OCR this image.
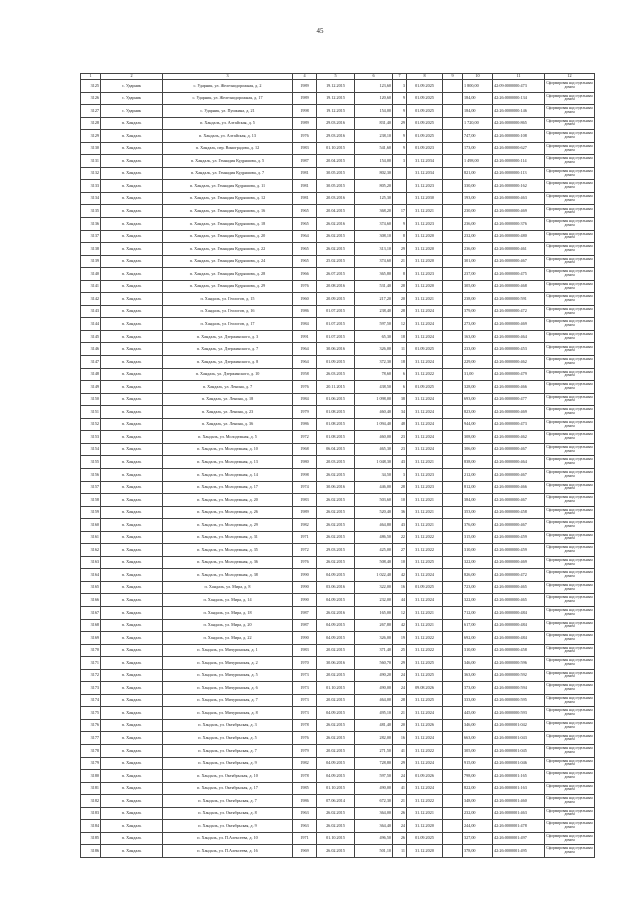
45
1	2	3	4	5	6	7	8	9	10	11	12
3125	с. Ударник	с. Ударник, ул. Железнодорожная, д. 2	1989	19.12.2015	123,60	3	01.09.2025		1 800,00	42:09:0000000:473	Сформирован над отдельным домом
3126	с. Ударник	с. Ударник, ул. Железнодорожная, д. 17	1989	19.12.2015	120,60	9	01.09.2025		184,00	42:26:0000000:134	Сформирован над отдельным домом
3127	с. Ударник	с. Ударник, ул. Пушкина, д. 21	1998	19.12.2015	154,00	9	01.09.2025		184,00	42:26:0000000:146	Сформирован над отдельным домом
3128	п. Хандаль	п. Хандаль, ул. Алтайская, д. 5	1989	29.03.2016	831,40	29	01.09.2025		1 720,00	42:26:0000000:865	Сформирован над отдельным домом
3129	п. Хандаль	п. Хандаль, ул. Алтайская, д. 13	1976	29.03.2016	238,10	9	01.09.2025		747,00	42:26:0000000:108	Сформирован над отдельным домом
3130	п. Хандаль	п. Хандаль, пер. Виноградова, д. 12	1983	01.10.2015	541,60	9	01.09.2023		173,00	42:26:0000000:627	Сформирован над отдельным домом
3131	п. Хандаль	п. Хандаль, ул. Геннадия Кудряшова, д. 5	1987	20.04.2015	154,00	3	31.12.2034		1 498,00	42:26:0000000:114	Сформирован над отдельным домом
3132	п. Хандаль	п. Хандаль, ул. Геннадия Кудряшова, д. 7	1981	30.05.2015	802,30		31.12.2034		821,00	42:26:0000000:113	Сформирован над отдельным домом
3133	п. Хандаль	п. Хандаль, ул. Геннадия Кудряшова, д. 11	1981	30.05.2015	805,20		31.12.2023		330,00	42:26:0000000:162	Сформирован над отдельным домом
3134	п. Хандаль	п. Хандаль, ул. Геннадия Кудряшова, д. 12	1981	20.03.2016	125,30		31.12.2030		193,00	42:26:0000000:463	Сформирован над отдельным домом
3135	п. Хандаль	п. Хандаль, ул. Геннадия Кудряшова, д. 16	1965	20.04.2015	368,20	17	31.12.2021		230,00	42:26:0000000:469	Сформирован над отдельным домом
3136	п. Хандаль	п. Хандаль, ул. Геннадия Кудряшова, д. 18	1965	26.02.2016	374,60	9	31.12.2023		236,00	42:26:0000000:376	Сформирован над отдельным домом
3137	п. Хандаль	п. Хандаль, ул. Геннадия Кудряшова, д. 20	1964	26.02.2015	308,10	8	31.12.2020		232,00	42:26:0000000:480	Сформирован над отдельным домом
3138	п. Хандаль	п. Хандаль, ул. Геннадия Кудряшова, д. 22	1965	26.02.2015	313,10	29	31.12.2020		236,00	42:26:0000000:461	Сформирован над отдельным домом
3139	п. Хандаль	п. Хандаль, ул. Геннадия Кудряшова, д. 24	1965	25.02.2015	374,60	21	31.12.2020		301,00	42:26:0000000:467	Сформирован над отдельным домом
3140	п. Хандаль	п. Хандаль, ул. Геннадия Кудряшова, д. 28	1966	26.07.2015	365,80	8	31.12.2023		237,00	42:26:0000000:475	Сформирован над отдельным домом
3141	п. Хандаль	п. Хандаль, ул. Геннадия Кудряшова, д. 29	1976	20.08.2016	531,40	28	31.12.2020		305,00	42:26:0000000:468	Сформирован над отдельным домом
3142	п. Хандаль	п. Хандаль, ул. Геологов, д. 15	1960	20.09.2015	217,20	20	31.12.2021		238,00	42:26:0000000:591	Сформирован над отдельным домом
3143	п. Хандаль	п. Хандаль, ул. Геологов, д. 16	1986	01.07.2015	238,40	28	31.12.2024		379,00	42:26:0000000:472	Сформирован над отдельным домом
3144	п. Хандаль	п. Хандаль, ул. Геологов, д. 17	1984	01.07.2015	597,50	12	31.12.2024		273,00	42:26:0000000:469	Сформирован над отдельным домом
3145	п. Хандаль	п. Хандаль, ул. Дзержинского, д. 3	1991	01.07.2015	65,30	18	31.12.2024		163,00	42:26:0000000:464	Сформирован над отдельным домом
3146	п. Хандаль	п. Хандаль, ул. Дзержинского, д. 7	1964	30.06.2016	326,00	11	01.09.2025		233,00	42:26:0000000:453	Сформирован над отдельным домом
3147	п. Хандаль	п. Хандаль, ул. Дзержинского, д. 8	1964	01.09.2015	372,30	18	31.12.2024		229,00	42:26:0000000:462	Сформирован над отдельным домом
3148	п. Хандаль	п. Хандаль, ул. Дзержинского, д. 10	1958	26.03.2015	78,60	6	31.12.2022		31,00	42:26:0000000:479	Сформирован над отдельным домом
3149	п. Хандаль	п. Хандаль, ул. Ленина, д. 7	1976	20.11.2015	438,50	6	01.09.2025		328,00	42:26:0000000:466	Сформирован над отдельным домом
3150	п. Хандаль	п. Хандаль, ул. Ленина, д. 18	1984	01.06.2015	1 098,00	38	31.12.2024		693,00	42:26:0000000:477	Сформирован над отдельным домом
3151	п. Хандаль	п. Хандаль, ул. Ленина, д. 23	1979	01.08.2015	460,40	34	31.12.2024		823,00	42:26:0000000:469	Сформирован над отдельным домом
3152	п. Хандаль	п. Хандаль, ул. Ленина, д. 36	1986	01.08.2015	1 094,40	48	31.12.2024		944,00	42:26:0000000:473	Сформирован над отдельным домом
3153	п. Хандаль	п. Хандаль, ул. Молодежная, д. 5	1972	01.08.2015	460,00	23	31.12.2024		308,00	42:26:0000000:462	Сформирован над отдельным домом
3154	п. Хандаль	п. Хандаль, ул. Молодежная, д. 10	1968	06.04.2015	465,30	23	31.12.2024		306,00	42:26:0000000:467	Сформирован над отдельным домом
3155	п. Хандаль	п. Хандаль, ул. Молодежная, д. 13	1980	20.03.2015	1 048,30	43	31.12.2021		838,00	42:26:0000000:464	Сформирован над отдельным домом
3156	п. Хандаль	п. Хандаль, ул. Молодежная, д. 14	1998	26.02.2015	34,50	3	31.12.2023		212,00	42:26:0000000:467	Сформирован над отдельным домом
3157	п. Хандаль	п. Хандаль, ул. Молодежная, д. 17	1974	30.06.2016	446,00	28	31.12.2023		812,00	42:26:0000000:466	Сформирован над отдельным домом
3158	п. Хандаль	п. Хандаль, ул. Молодежная, д. 20	1983	26.02.2015	503,60	10	31.12.2021		384,00	42:26:0000000:467	Сформирован над отдельным домом
3159	п. Хандаль	п. Хандаль, ул. Молодежная, д. 26	1989	26.02.2015	520,40	36	31.12.2021		353,00	42:26:0000000:458	Сформирован над отдельным домом
3160	п. Хандаль	п. Хандаль, ул. Молодежная, д. 29	1982	26.02.2015	464,80	43	31.12.2021		376,00	42:26:0000000:467	Сформирован над отдельным домом
3161	п. Хандаль	п. Хандаль, ул. Молодежная, д. 31	1971	26.02.2015	486,50	22	31.12.2022		315,00	42:26:0000000:459	Сформирован над отдельным домом
3162	п. Хандаль	п. Хандаль, ул. Молодежная, д. 35	1972	29.03.2015	425,00	27	31.12.2022		310,00	42:26:0000000:459	Сформирован над отдельным домом
3163	п. Хандаль	п. Хандаль, ул. Молодежная, д. 36	1976	26.02.2015	508,40	10	31.12.2025		322,00	42:26:0000000:469	Сформирован над отдельным домом
3164	п. Хандаль	п. Хандаль, ул. Молодежная, д. 38	1990	04.09.2015	1 022,40	42	31.12.2024		826,00	42:26:0000000:472	Сформирован над отдельным домом
3165	п. Хандаль	п. Хандаль, ул. Мира, д. 8	1990	03.06.2016	322,00	16	01.09.2025		723,00	42:26:0000000:465	Сформирован над отдельным домом
3166	п. Хандаль	п. Хандаль, ул. Мира, д. 14	1990	04.09.2015	232,00	44	31.12.2024		322,00	42:26:0000000:465	Сформирован над отдельным домом
3167	п. Хандаль	п. Хандаль, ул. Мира, д. 18	1987	26.02.2016	165,00	12	31.12.2021		712,00	42:26:0000000:484	Сформирован над отдельным домом
3168	п. Хандаль	п. Хандаль, ул. Мира, д. 20	1987	04.09.2015	267,80	42	31.12.2021		617,00	42:26:0000000:484	Сформирован над отдельным домом
3169	п. Хандаль	п. Хандаль, ул. Мира, д. 22	1990	04.09.2015	326,00	19	31.12.2022		692,00	42:26:0000000:484	Сформирован над отдельным домом
3170	п. Хандаль	п. Хандаль, ул. Мичуринская, д. 1	1983	20.02.2015	371,40	25	31.12.2022		310,00	42:26:0000000:458	Сформирован над отдельным домом
3171	п. Хандаль	п. Хандаль, ул. Мичуринская, д. 2	1970	30.06.2016	560,70	29	31.12.2025		346,00	42:26:0000000:596	Сформирован над отдельным домом
3172	п. Хандаль	п. Хандаль, ул. Мичуринская, д. 5	1973	20.02.2015	490,20	24	31.12.2025		363,00	42:26:0000000:592	Сформирован над отдельным домом
3173	п. Хандаль	п. Хандаль, ул. Мичуринская, д. 6	1973	01.10.2015	490,00	24	09.08.2026		373,00	42:26:0000000:594	Сформирован над отдельным домом
3174	п. Хандаль	п. Хандаль, ул. Мичуринская, д. 7	1973	20.02.2015	464,00	28	31.12.2025		333,00	42:26:0000000:595	Сформирован над отдельным домом
3175	п. Хандаль	п. Хандаль, ул. Мичуринская, д. 8	1973	04.09.2015	495,10	21	31.12.2024		445,00	42:26:0000000:593	Сформирован над отдельным домом
3176	п. Хандаль	п. Хандаль, ул. Октябрьская, д. 3	1978	26.02.2015	481,40	20	31.12.2026		346,00	42:26:0000001:042	Сформирован над отдельным домом
3177	п. Хандаль	п. Хандаль, ул. Октябрьская, д. 5	1976	26.02.2015	282,00	16	31.12.2024		663,00	42:26:0000001:043	Сформирован над отдельным домом
3178	п. Хандаль	п. Хандаль, ул. Октябрьская, д. 7	1979	20.02.2015	271,50	41	31.12.2022		305,00	42:26:0000001:045	Сформирован над отдельным домом
3179	п. Хандаль	п. Хандаль, ул. Октябрьская, д. 9	1982	04.09.2015	728,80	29	31.12.2024		915,00	42:26:0000001:046	Сформирован над отдельным домом
3180	п. Хандаль	п. Хандаль, ул. Октябрьская, д. 10	1978	04.09.2015	597,50	24	01.09.2026		798,00	42:26:0000001:165	Сформирован над отдельным домом
3181	п. Хандаль	п. Хандаль, ул. Октябрьская, д. 17	1985	01.10.2015	490,00	41	31.12.2024		822,00	42:26:0000001:163	Сформирован над отдельным домом
3182	п. Хандаль	п. Хандаль, ул. Октябрьская, д. 7	1986	07.06.2014	672,30	21	31.12.2022		348,00	42:26:0000001:460	Сформирован над отдельным домом
3183	п. Хандаль	п. Хандаль, ул. Октябрьская, д. 8	1963	26.02.2015	364,00	26	31.12.2021		232,00	42:26:0000001:463	Сформирован над отдельным домом
3184	п. Хандаль	п. Хандаль, ул. Октябрьская, д. 9	1963	26.02.2015	364,40	24	31.12.2020		244,00	42:26:0000001:478	Сформирован над отдельным домом
3185	п. Хандаль	п. Хандаль, ул. П.Алексеева, д. 10	1971	01.10.2015	496,50	26	01.09.2025		327,00	42:26:0000001:497	Сформирован над отдельным домом
3186	п. Хандаль	п. Хандаль, ул. П.Алексеева, д. 16	1969	26.02.2015	501,10	11	31.12.2020		378,00	42:26:0000001:495	Сформирован над отдельным домом
